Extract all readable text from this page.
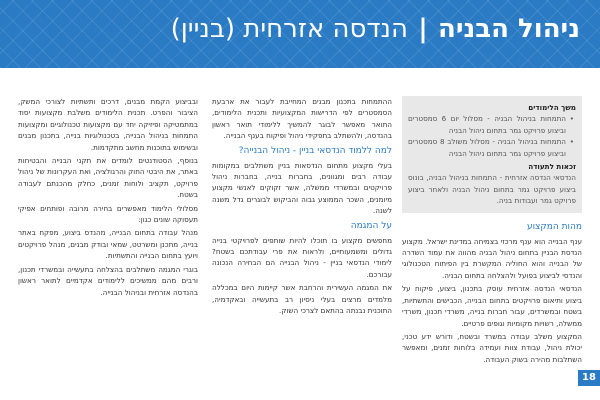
ניהול הבניה | הנדסה אזרחית (בניין)
משך הלימודים
• התמחות בניהול הבניה - מסלול יום 6 סמסטרים וביצוע פרויקט גמר בתחום ניהול הבניה
• התמחות בניהול הבניה - מסלול משולב 8 סמסטרים וביצוע פרויקט גמר בתחום ניהול הבניה
זכאות לתעודה
הנדסאי הנדסה אזרחית - התמחות בניהול הבניה, בונוס ביצוע פרויקט גמר בתחום ניהול הבניה ולאחר ביצוע פרויקט גמר ועבודות בניה.
מהות המקצוע

ענף הבנייה הוא ענף מרכזי בצמיחה במדינת ישראל. מקצוע הנדסת הבניין בתחום ניהול הבניה מהווה את עמוד השדרה של הבנייה והוא החוליה המקשרת בין הפיתוח הטכנולוגי והנדסי לביצוע בפועל ולהצלחה בתחום הבניה.

הנדסאי הנדסה אזרחית עוסק בתכנון, ביצוע, פיקוח על ביצוע ותיאום פרויקטים בתחום הבנייה, הכבישים והתשתיות, בשטח ובמשרדים, עבור חברות בנייה, משרדי תכנון, משרדי ממשלה, רשויות מקומיות וגופים פרטיים.

המקצוע משלב עבודה במשרד ובשטח, ודורש ידע טכני, יכולת ניהול, עבודת צוות ועמידה בלוחות זמנים, ומאפשר השתלבות מהירה בשוק העבודה.

ההתמחות בתכנון מבנים המחייבת לעבור את ארבעת הסמסטרים לפי הדרישות המקצועיות ותכנית הלימודים, התואר מאפשר לבוגר להמשיך ללימודי תואר ראשון בהנדסה, ולהשתלב בתפקידי ניהול ופיקוח בענף הבנייה.

למה ללמוד הנדסאי בניין - ניהול הבנייה?

בעלי מקצוע מתחום הנדסאות בניין משתלבים במקומות עבודה רבים ומגוונים, בחברות בנייה, בחברות ניהול פרויקטים ובמשרדי ממשלה, אשר זקוקים לאנשי מקצוע מיומנים, השכר הממוצע גבוה והביקוש לבוגרים גדל משנה לשנה.

על המגמה

מחפשים מקצוע בו תוכלו להיות שותפים לפרויקטי בנייה גדולים ומשמעותיים, ולראות את פרי עבודתכם בשטח? לימודי הנדסאי בניין - ניהול הבנייה הם הבחירה הנכונה עבורכם.

את המגמה העשירית והרחבת אשר קיימות היום במכללה מלמדים מרצים בעלי ניסיון רב בתעשייה ובאקדמיה, התוכנית נבנתה בהתאם לצרכי השוק.

ובביצוע הקמת מבנים, דרכים ותשתיות לצורכי המשק, הציבור והפרט. תכנית הלימודים משלבת מקצועות יסוד במתמטיקה ופיזיקה יחד עם מקצועות טכנולוגיים ומקצועות התמחות בניהול הבנייה, בטכנולוגיות בנייה, בתכנון מבנים ובשימוש בתוכנות מחשב מתקדמות.

בנוסף, הסטודנטים לומדים את תקני הבנייה והבטיחות באתר, את היבטי החוק והרגולציה, ואת העקרונות של ניהול פרויקט, תקציב ולוחות זמנים, כחלק מהכנתם לעבודה בשטח.

מסלולי הלימוד מאפשרים בחירה מרובה ופותחים אפיקי תעסוקה שונים כגון:

מנהל עבודה בתחום הבנייה, מהנדס ביצוע, מפקח באתר בנייה, מתכנן ומשרטט, שמאי ובודק מבנים, מנהל פרויקטים ויועץ בתחום הבנייה והתשתיות.

בוגרי המגמה משתלבים בהצלחה בתעשייה ובמשרדי תכנון, ורבים מהם ממשיכים ללימודים אקדמיים לתואר ראשון בהנדסה אזרחית ובניהול הבנייה.

18
